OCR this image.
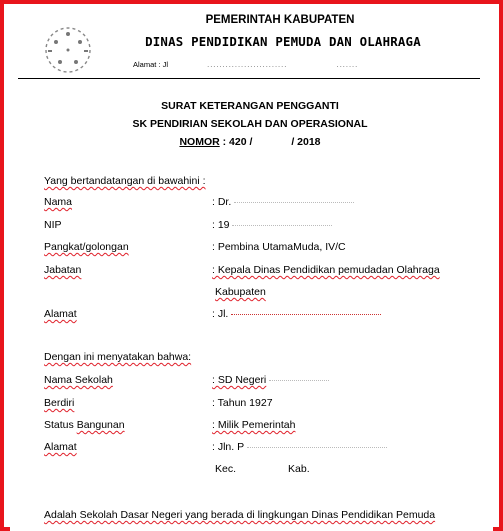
PEMERINTAH KABUPATEN
DINAS PENDIDIKAN PEMUDA DAN OLAHRAGA
Alamat : Jl             ..........................                .......
SURAT KETERANGAN PENGGANTI
SK PENDIRIAN SEKOLAH DAN OPERASIONAL
NOMOR : 420 /	/ 2018
Yang bertandatangan di bawahini :
Nama	: Dr.
NIP	: 19
Pangkat/golongan	: Pembina UtamaMuda, IV/C
Jabatan	: Kepala Dinas Pendidikan pemudadan Olahraga
Kabupaten
Alamat	: Jl.
Dengan ini menyatakan bahwa:
Nama Sekolah	: SD Negeri
Berdiri	: Tahun 1927
Status Bangunan	: Milik Pemerintah
Alamat	: Jln. P
Kec.	Kab.
Adalah Sekolah Dasar Negeri yang berada di lingkungan Dinas Pendidikan Pemuda
